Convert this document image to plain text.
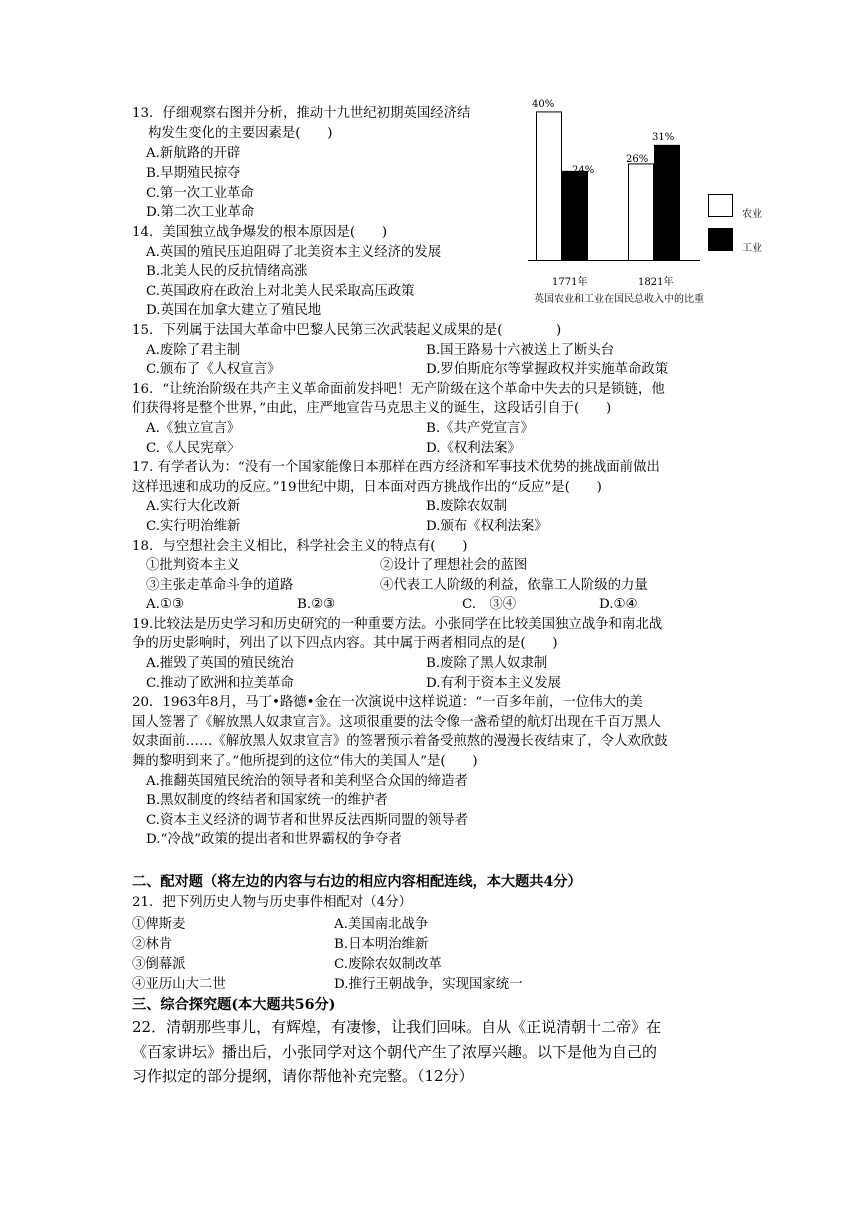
13．仔细观察右图并分析，推动十九世纪初期英国经济结
构发生变化的主要因素是(　　)
A.新航路的开辟
B.早期殖民掠夺
C.第一次工业革命
D.第二次工业革命
40%
24%
26%
31%
农业
工业
1771年	1821年
英国农业和工业在国民总收入中的比重
14．美国独立战争爆发的根本原因是(　　)
A.英国的殖民压迫阻碍了北美资本主义经济的发展
B.北美人民的反抗情绪高涨
C.英国政府在政治上对北美人民采取高压政策
D.英国在加拿大建立了殖民地
15．下列属于法国大革命中巴黎人民第三次武装起义成果的是(　　　　)
A.废除了君主制	B.国王路易十六被送上了断头台
C.颁布了《人权宣言》	D.罗伯斯庇尔等掌握政权并实施革命政策
16．“让统治阶级在共产主义革命面前发抖吧！无产阶级在这个革命中失去的只是锁链，他
们获得将是整个世界，”由此，庄严地宣告马克思主义的诞生，这段话引自于(　　)
A.《独立宣言》	B.《共产党宣言》
C.《人民宪章〉	D.《权利法案》
17. 有学者认为：“没有一个国家能像日本那样在西方经济和军事技术优势的挑战面前做出
这样迅速和成功的反应。”19世纪中期，日本面对西方挑战作出的“反应”是(　　)
A.实行大化改新	B.废除农奴制
C.实行明治维新	D.颁布《权利法案》
18．与空想社会主义相比，科学社会主义的特点有(　　)
①批判资本主义	②设计了理想社会的蓝图
③主张走革命斗争的道路	④代表工人阶级的利益，依靠工人阶级的力量
A.①③	B.②③	C.　③④	D.①④
19.比较法是历史学习和历史研究的一种重要方法。小张同学在比较美国独立战争和南北战
争的历史影响时，列出了以下四点内容。其中属于两者相同点的是(　　)
A.摧毁了英国的殖民统治	B.废除了黑人奴隶制
C.推动了欧洲和拉美革命	D.有利于资本主义发展
20．1963年8月，马丁•路德•金在一次演说中这样说道：“一百多年前，一位伟大的美
国人签署了《解放黑人奴隶宣言》。这项很重要的法令像一盏希望的航灯出现在千百万黑人
奴隶面前……《解放黑人奴隶宣言》的签署预示着备受煎熬的漫漫长夜结束了，令人欢欣鼓
舞的黎明到来了。”他所提到的这位“伟大的美国人”是(　　)
A.推翻英国殖民统治的领导者和美利坚合众国的缔造者
B.黑奴制度的终结者和国家统一的维护者
C.资本主义经济的调节者和世界反法西斯同盟的领导者
D.“冷战”政策的提出者和世界霸权的争夺者
二、配对题（将左边的内容与右边的相应内容相配连线，本大题共4分）
21．把下列历史人物与历史事件相配对（4分）
①俾斯麦	A.美国南北战争
②林肯	B.日本明治维新
③倒幕派	C.废除农奴制改革
④亚历山大二世	D.推行王朝战争，实现国家统一
三、综合探究题(本大题共56分)
22．清朝那些事儿，有辉煌，有凄惨，让我们回味。自从《正说清朝十二帝》在
《百家讲坛》播出后，小张同学对这个朝代产生了浓厚兴趣。以下是他为自己的
习作拟定的部分提纲，请你帮他补充完整。（12分）
